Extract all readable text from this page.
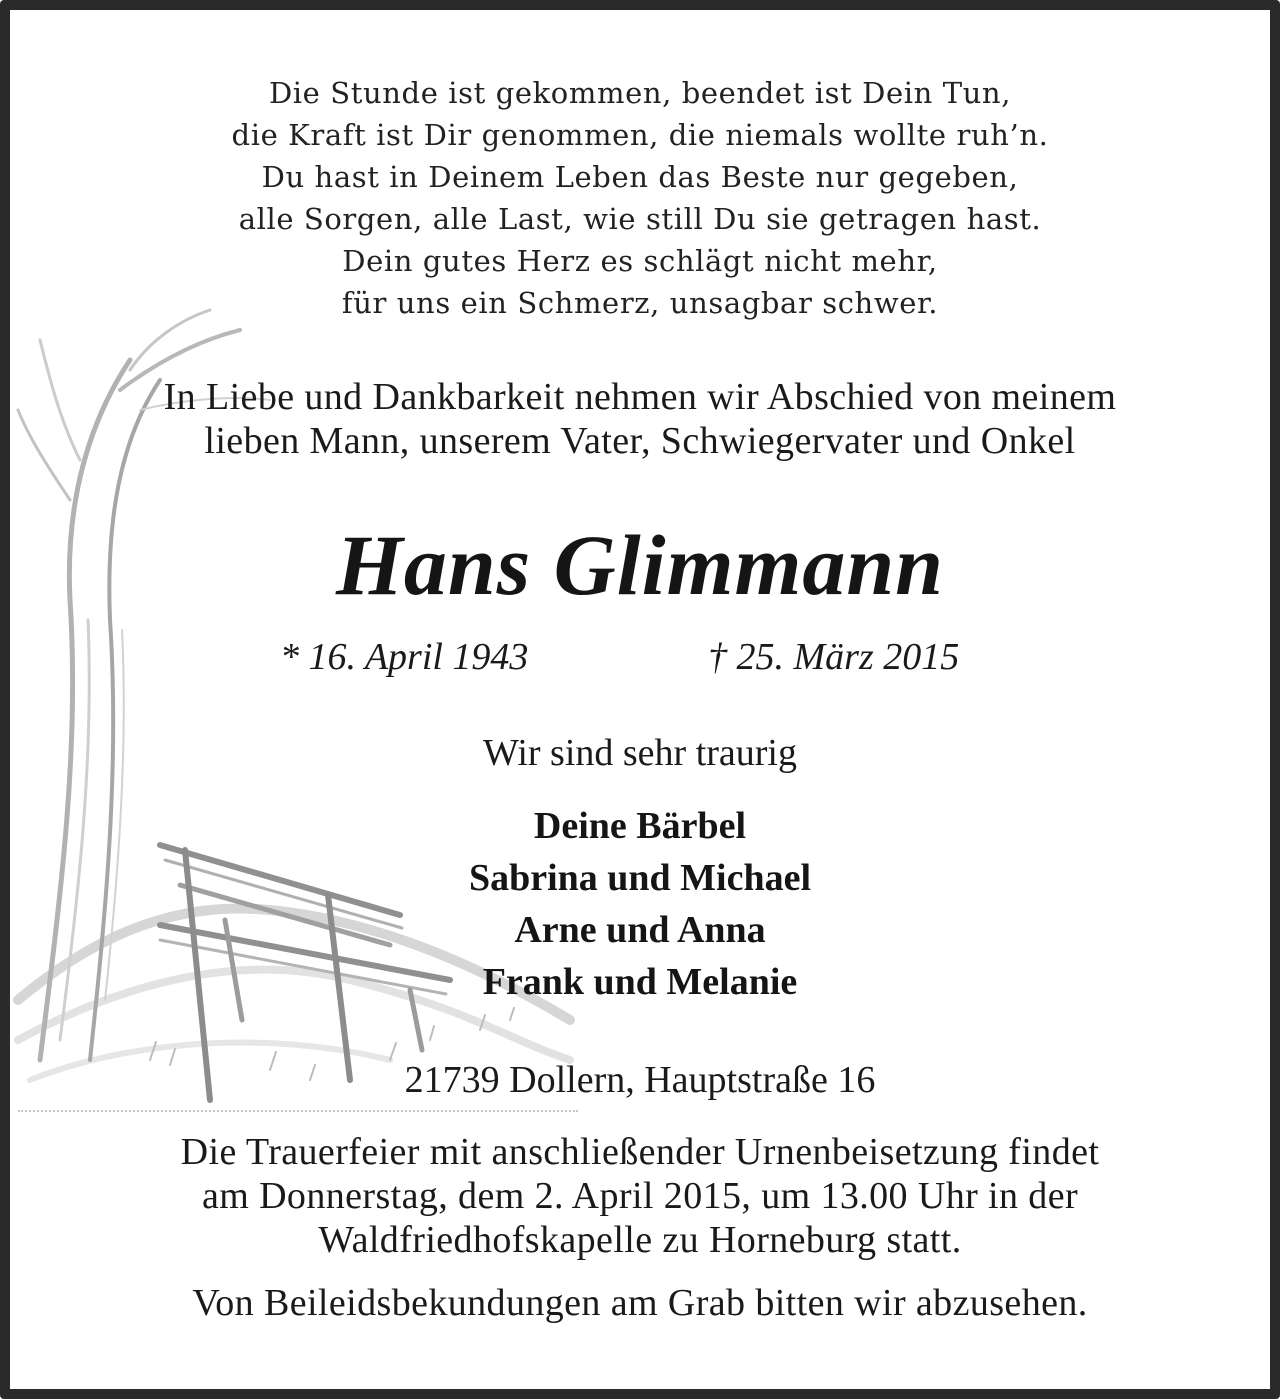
Die Stunde ist gekommen, beendet ist Dein Tun,
die Kraft ist Dir genommen, die niemals wollte ruh’n.
Du hast in Deinem Leben das Beste nur gegeben,
alle Sorgen, alle Last, wie still Du sie getragen hast.
Dein gutes Herz es schlägt nicht mehr,
für uns ein Schmerz, unsagbar schwer.
In Liebe und Dankbarkeit nehmen wir Abschied von meinem
lieben Mann, unserem Vater, Schwiegervater und Onkel
Hans Glimmann
* 16. April 1943	† 25. März 2015
Wir sind sehr traurig
Deine Bärbel
Sabrina und Michael
Arne und Anna
Frank und Melanie
21739 Dollern, Hauptstraße 16
Die Trauerfeier mit anschließender Urnenbeisetzung findet
am Donnerstag, dem 2. April 2015, um 13.00 Uhr in der
Waldfriedhofskapelle zu Horneburg statt.
Von Beileidsbekundungen am Grab bitten wir abzusehen.
